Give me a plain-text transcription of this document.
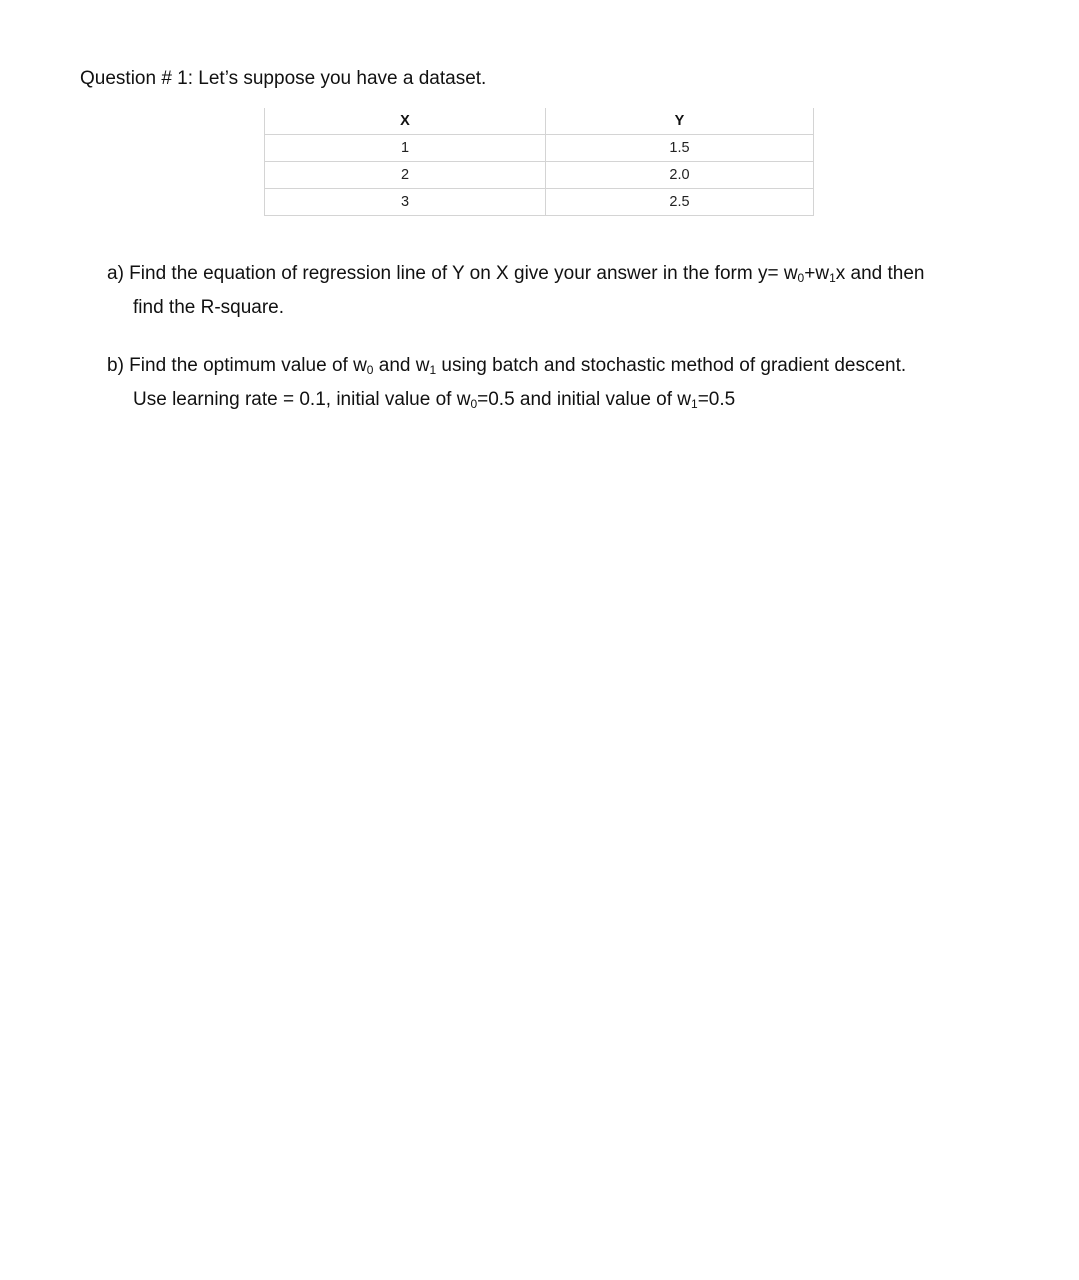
Question # 1: Let’s suppose you have a dataset.
X	Y
1	1.5
2	2.0
3	2.5
a) Find the equation of regression line of Y on X give your answer in the form $y= w_0+w_1x$ and then
find the R-square.
b) Find the optimum value of $w_0$ and $w_1$ using batch and stochastic method of gradient descent.
Use learning rate = 0.1, initial value of $w_0=0.5$ and initial value of $w_1=0.5$
